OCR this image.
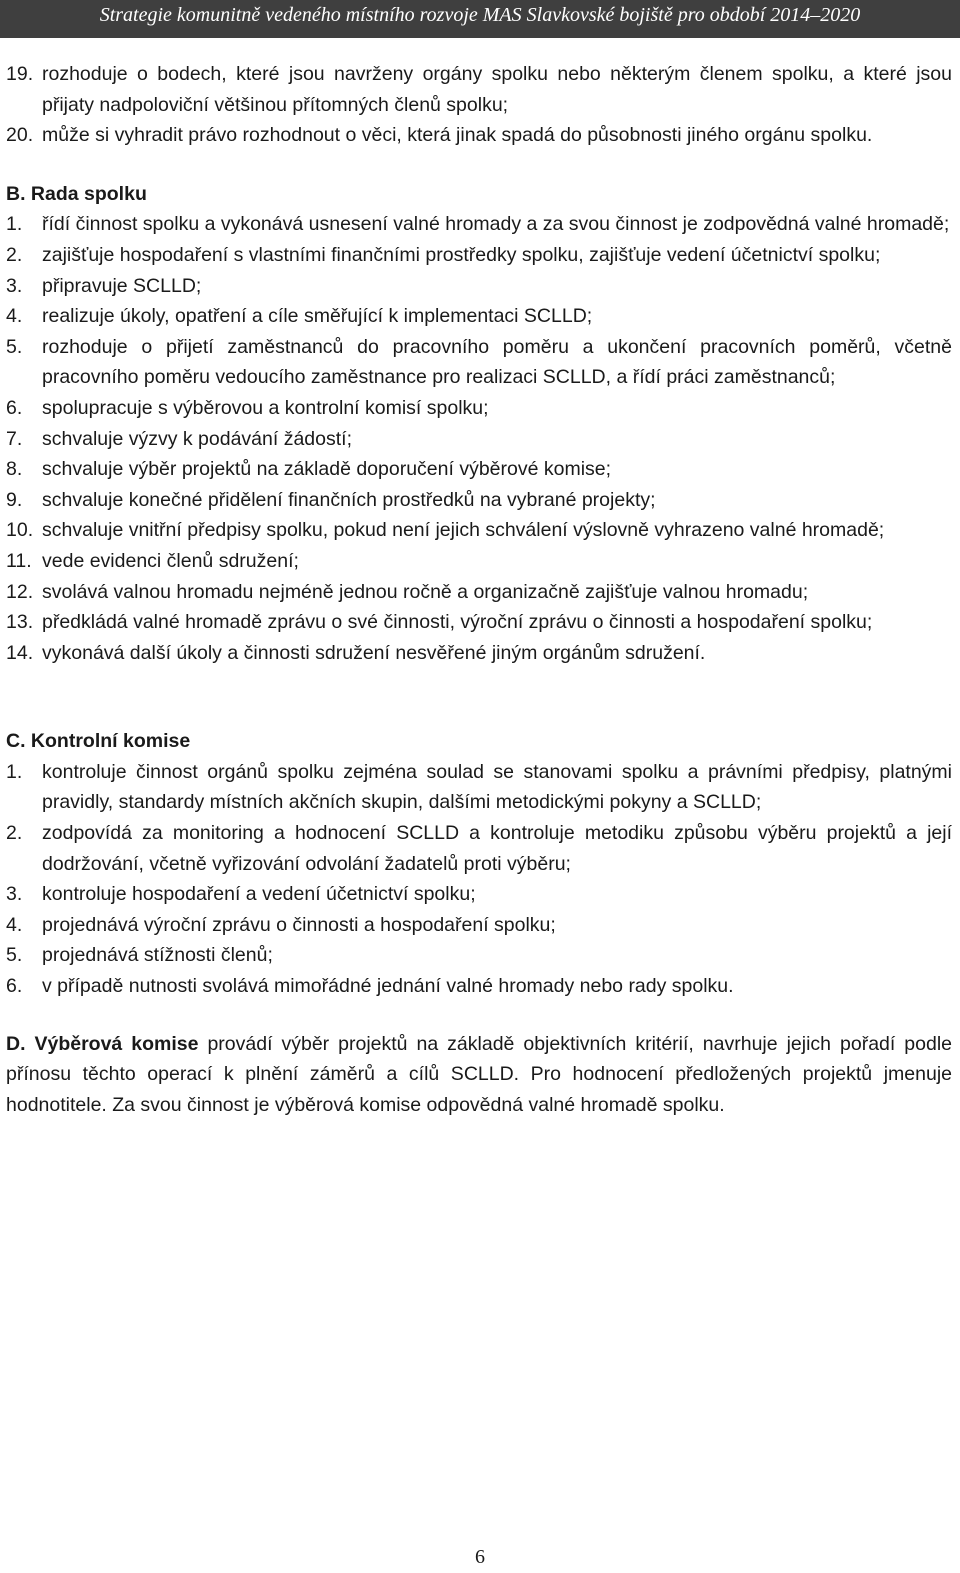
Strategie komunitně vedeného místního rozvoje MAS Slavkovské bojiště pro období 2014–2020
19. rozhoduje o bodech, které jsou navrženy orgány spolku nebo některým členem spolku, a které jsou přijaty nadpoloviční většinou přítomných členů spolku;
20. může si vyhradit právo rozhodnout o věci, která jinak spadá do působnosti jiného orgánu spolku.
B. Rada spolku
1.	řídí činnost spolku a vykonává usnesení valné hromady a za svou činnost je zodpovědná valné hromadě;
2.	zajišťuje hospodaření s vlastními finančními prostředky spolku, zajišťuje vedení účetnictví spolku;
3.	připravuje SCLLD;
4.	realizuje úkoly, opatření a cíle směřující k implementaci SCLLD;
5.	rozhoduje o přijetí zaměstnanců do pracovního poměru a ukončení pracovních poměrů, včetně pracovního poměru vedoucího zaměstnance pro realizaci SCLLD, a řídí práci zaměstnanců;
6.	spolupracuje s výběrovou a kontrolní komisí spolku;
7.	schvaluje výzvy k podávání žádostí;
8.	schvaluje výběr projektů na základě doporučení výběrové komise;
9.	schvaluje konečné přidělení finančních prostředků na vybrané projekty;
10. schvaluje vnitřní předpisy spolku, pokud není jejich schválení výslovně vyhrazeno valné hromadě;
11. vede evidenci členů sdružení;
12. svolává valnou hromadu nejméně jednou ročně a organizačně zajišťuje valnou hromadu;
13. předkládá valné hromadě zprávu o své činnosti, výroční zprávu o činnosti a hospodaření spolku;
14. vykonává další úkoly a činnosti sdružení nesvěřené jiným orgánům sdružení.
C. Kontrolní komise
1.	kontroluje činnost orgánů spolku zejména soulad se stanovami spolku a právními předpisy, platnými pravidly, standardy místních akčních skupin, dalšími metodickými pokyny a SCLLD;
2.	zodpovídá za monitoring a hodnocení SCLLD a kontroluje metodiku způsobu výběru projektů a její dodržování, včetně vyřizování odvolání žadatelů proti výběru;
3.	kontroluje hospodaření a vedení účetnictví spolku;
4.	projednává výroční zprávu o činnosti a hospodaření spolku;
5.	projednává stížnosti členů;
6.	v případě nutnosti svolává mimořádné jednání valné hromady nebo rady spolku.
D. Výběrová komise provádí výběr projektů na základě objektivních kritérií, navrhuje jejich pořadí podle přínosu těchto operací k plnění záměrů a cílů SCLLD. Pro hodnocení předložených projektů jmenuje hodnotitele. Za svou činnost je výběrová komise odpovědná valné hromadě spolku.
6
